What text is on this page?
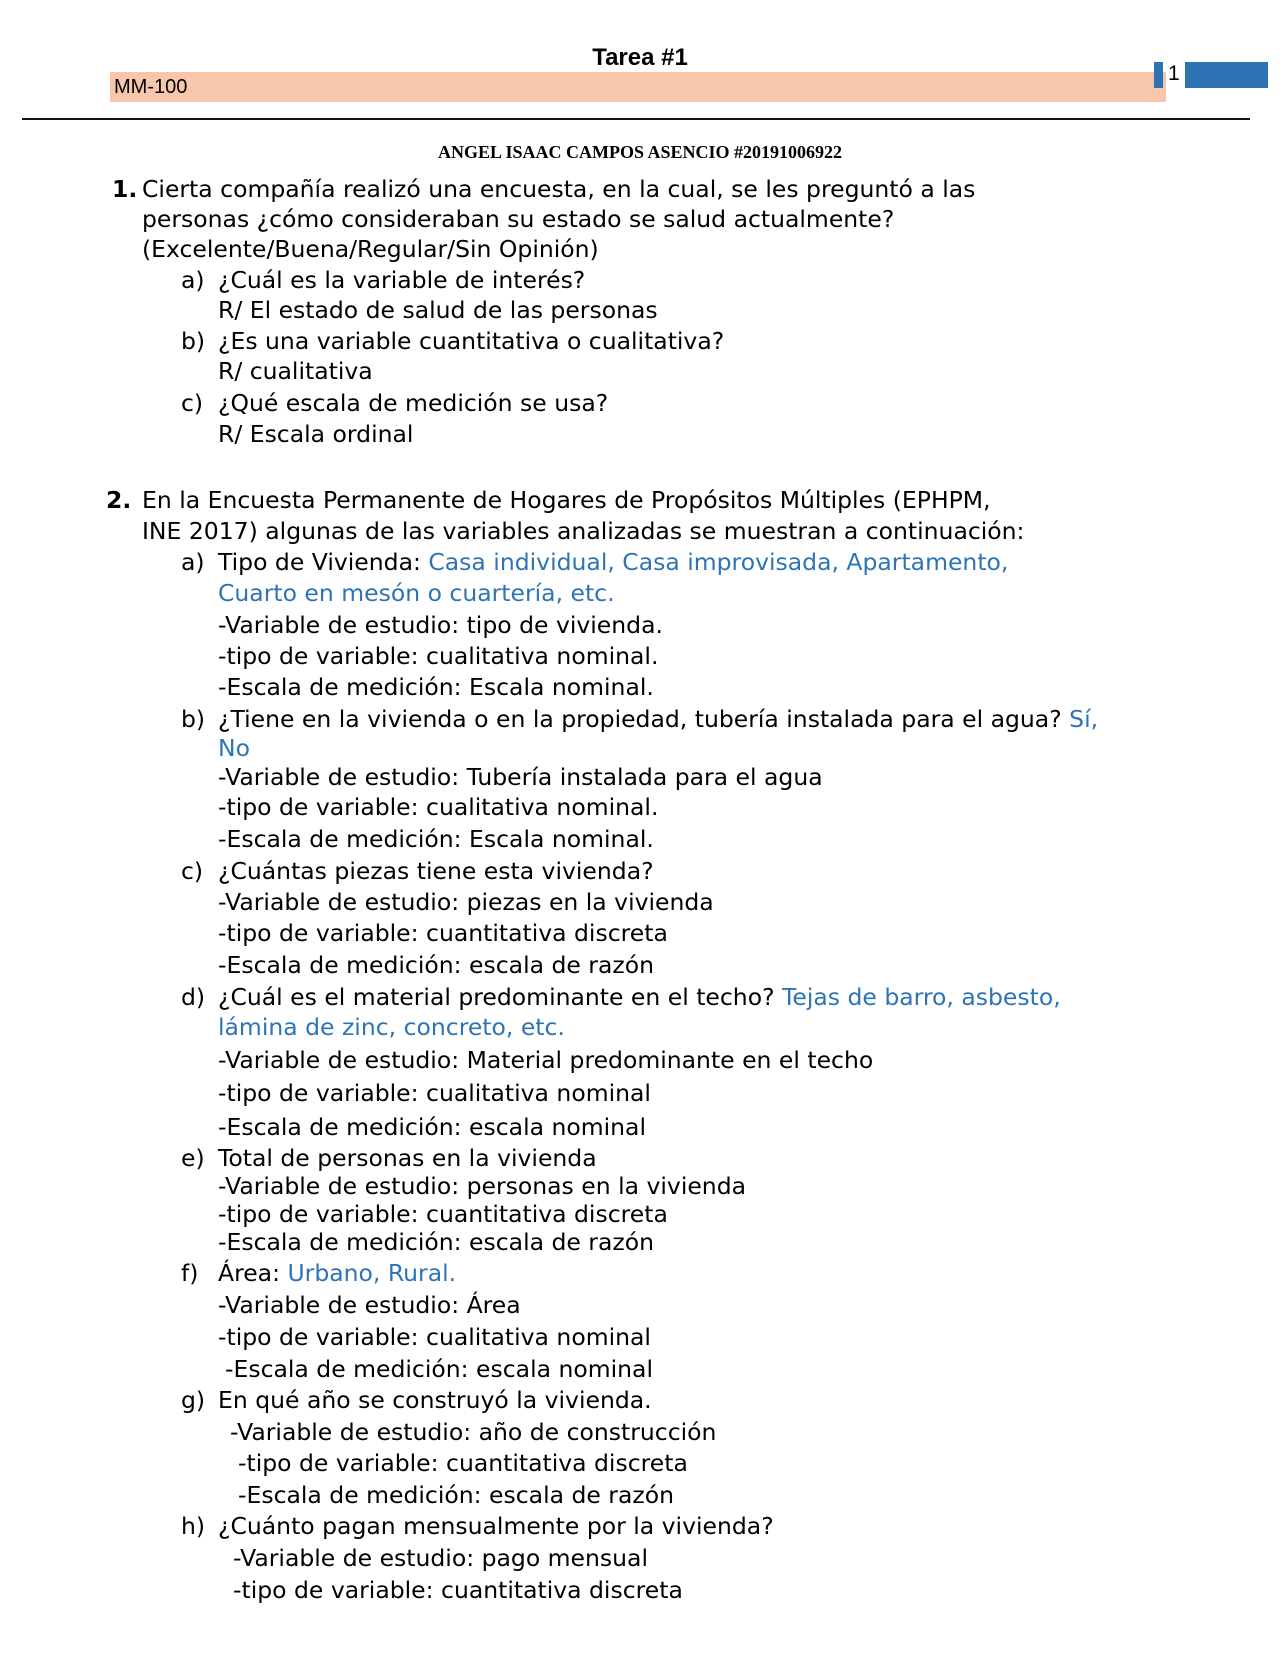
Tarea #1
MM-100
1
ANGEL ISAAC CAMPOS ASENCIO #20191006922
1. Cierta compañía realizó una encuesta, en la cual, se les preguntó a las
personas ¿cómo consideraban su estado se salud actualmente?
(Excelente/Buena/Regular/Sin Opinión)
a) ¿Cuál es la variable de interés?
R/ El estado de salud de las personas
b) ¿Es una variable cuantitativa o cualitativa?
R/ cualitativa
c) ¿Qué escala de medición se usa?
R/ Escala ordinal
2. En la Encuesta Permanente de Hogares de Propósitos Múltiples (EPHPM,
INE 2017) algunas de las variables analizadas se muestran a continuación:
a) Tipo de Vivienda: Casa individual, Casa improvisada, Apartamento,
Cuarto en mesón o cuartería, etc.
-Variable de estudio: tipo de vivienda.
-tipo de variable: cualitativa nominal.
-Escala de medición: Escala nominal.
b) ¿Tiene en la vivienda o en la propiedad, tubería instalada para el agua? Sí,
No
-Variable de estudio: Tubería instalada para el agua
-tipo de variable: cualitativa nominal.
-Escala de medición: Escala nominal.
c) ¿Cuántas piezas tiene esta vivienda?
-Variable de estudio: piezas en la vivienda
-tipo de variable: cuantitativa discreta
-Escala de medición: escala de razón
d) ¿Cuál es el material predominante en el techo? Tejas de barro, asbesto,
lámina de zinc, concreto, etc.
-Variable de estudio: Material predominante en el techo
-tipo de variable: cualitativa nominal
-Escala de medición: escala nominal
e) Total de personas en la vivienda
-Variable de estudio: personas en la vivienda
-tipo de variable: cuantitativa discreta
-Escala de medición: escala de razón
f) Área: Urbano, Rural.
-Variable de estudio: Área
-tipo de variable: cualitativa nominal
-Escala de medición: escala nominal
g) En qué año se construyó la vivienda.
-Variable de estudio: año de construcción
-tipo de variable: cuantitativa discreta
-Escala de medición: escala de razón
h) ¿Cuánto pagan mensualmente por la vivienda?
-Variable de estudio: pago mensual
-tipo de variable: cuantitativa discreta
